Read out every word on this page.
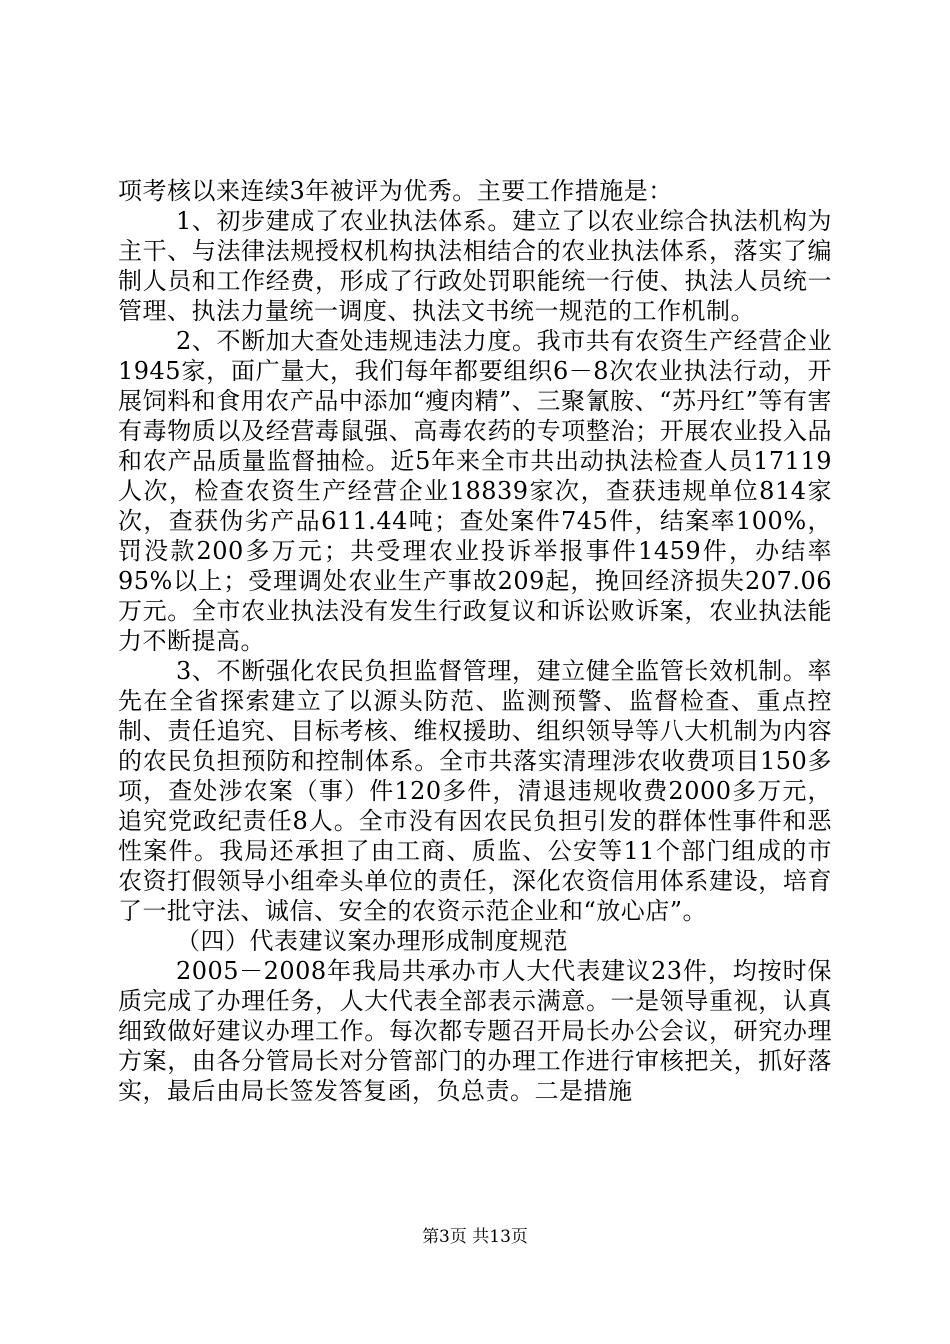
项考核以来连续3年被评为优秀。主要工作措施是：

1、初步建成了农业执法体系。建立了以农业综合执法机构为主干、与法律法规授权机构执法相结合的农业执法体系，落实了编制人员和工作经费，形成了行政处罚职能统一行使、执法人员统一管理、执法力量统一调度、执法文书统一规范的工作机制。

2、不断加大查处违规违法力度。我市共有农资生产经营企业1945家，面广量大，我们每年都要组织6－8次农业执法行动，开展饲料和食用农产品中添加“瘦肉精”、三聚氰胺、“苏丹红”等有害有毒物质以及经营毒鼠强、高毒农药的专项整治；开展农业投入品和农产品质量监督抽检。近5年来全市共出动执法检查人员17119人次，检查农资生产经营企业18839家次，查获违规单位814家次，查获伪劣产品611.44吨；查处案件745件，结案率100%，罚没款200多万元；共受理农业投诉举报事件1459件，办结率95%以上；受理调处农业生产事故209起，挽回经济损失207.06万元。全市农业执法没有发生行政复议和诉讼败诉案，农业执法能力不断提高。

3、不断强化农民负担监督管理，建立健全监管长效机制。率先在全省探索建立了以源头防范、监测预警、监督检查、重点控制、责任追究、目标考核、维权援助、组织领导等八大机制为内容的农民负担预防和控制体系。全市共落实清理涉农收费项目150多项，查处涉农案（事）件120多件，清退违规收费2000多万元，追究党政纪责任8人。全市没有因农民负担引发的群体性事件和恶性案件。我局还承担了由工商、质监、公安等11个部门组成的市农资打假领导小组牵头单位的责任，深化农资信用体系建设，培育了一批守法、诚信、安全的农资示范企业和“放心店”。

（四）代表建议案办理形成制度规范

2005－2008年我局共承办市人大代表建议23件，均按时保质完成了办理任务，人大代表全部表示满意。一是领导重视，认真细致做好建议办理工作。每次都专题召开局长办公会议，研究办理方案，由各分管局长对分管部门的办理工作进行审核把关，抓好落实，最后由局长签发答复函，负总责。二是措施

第3页 共13页
